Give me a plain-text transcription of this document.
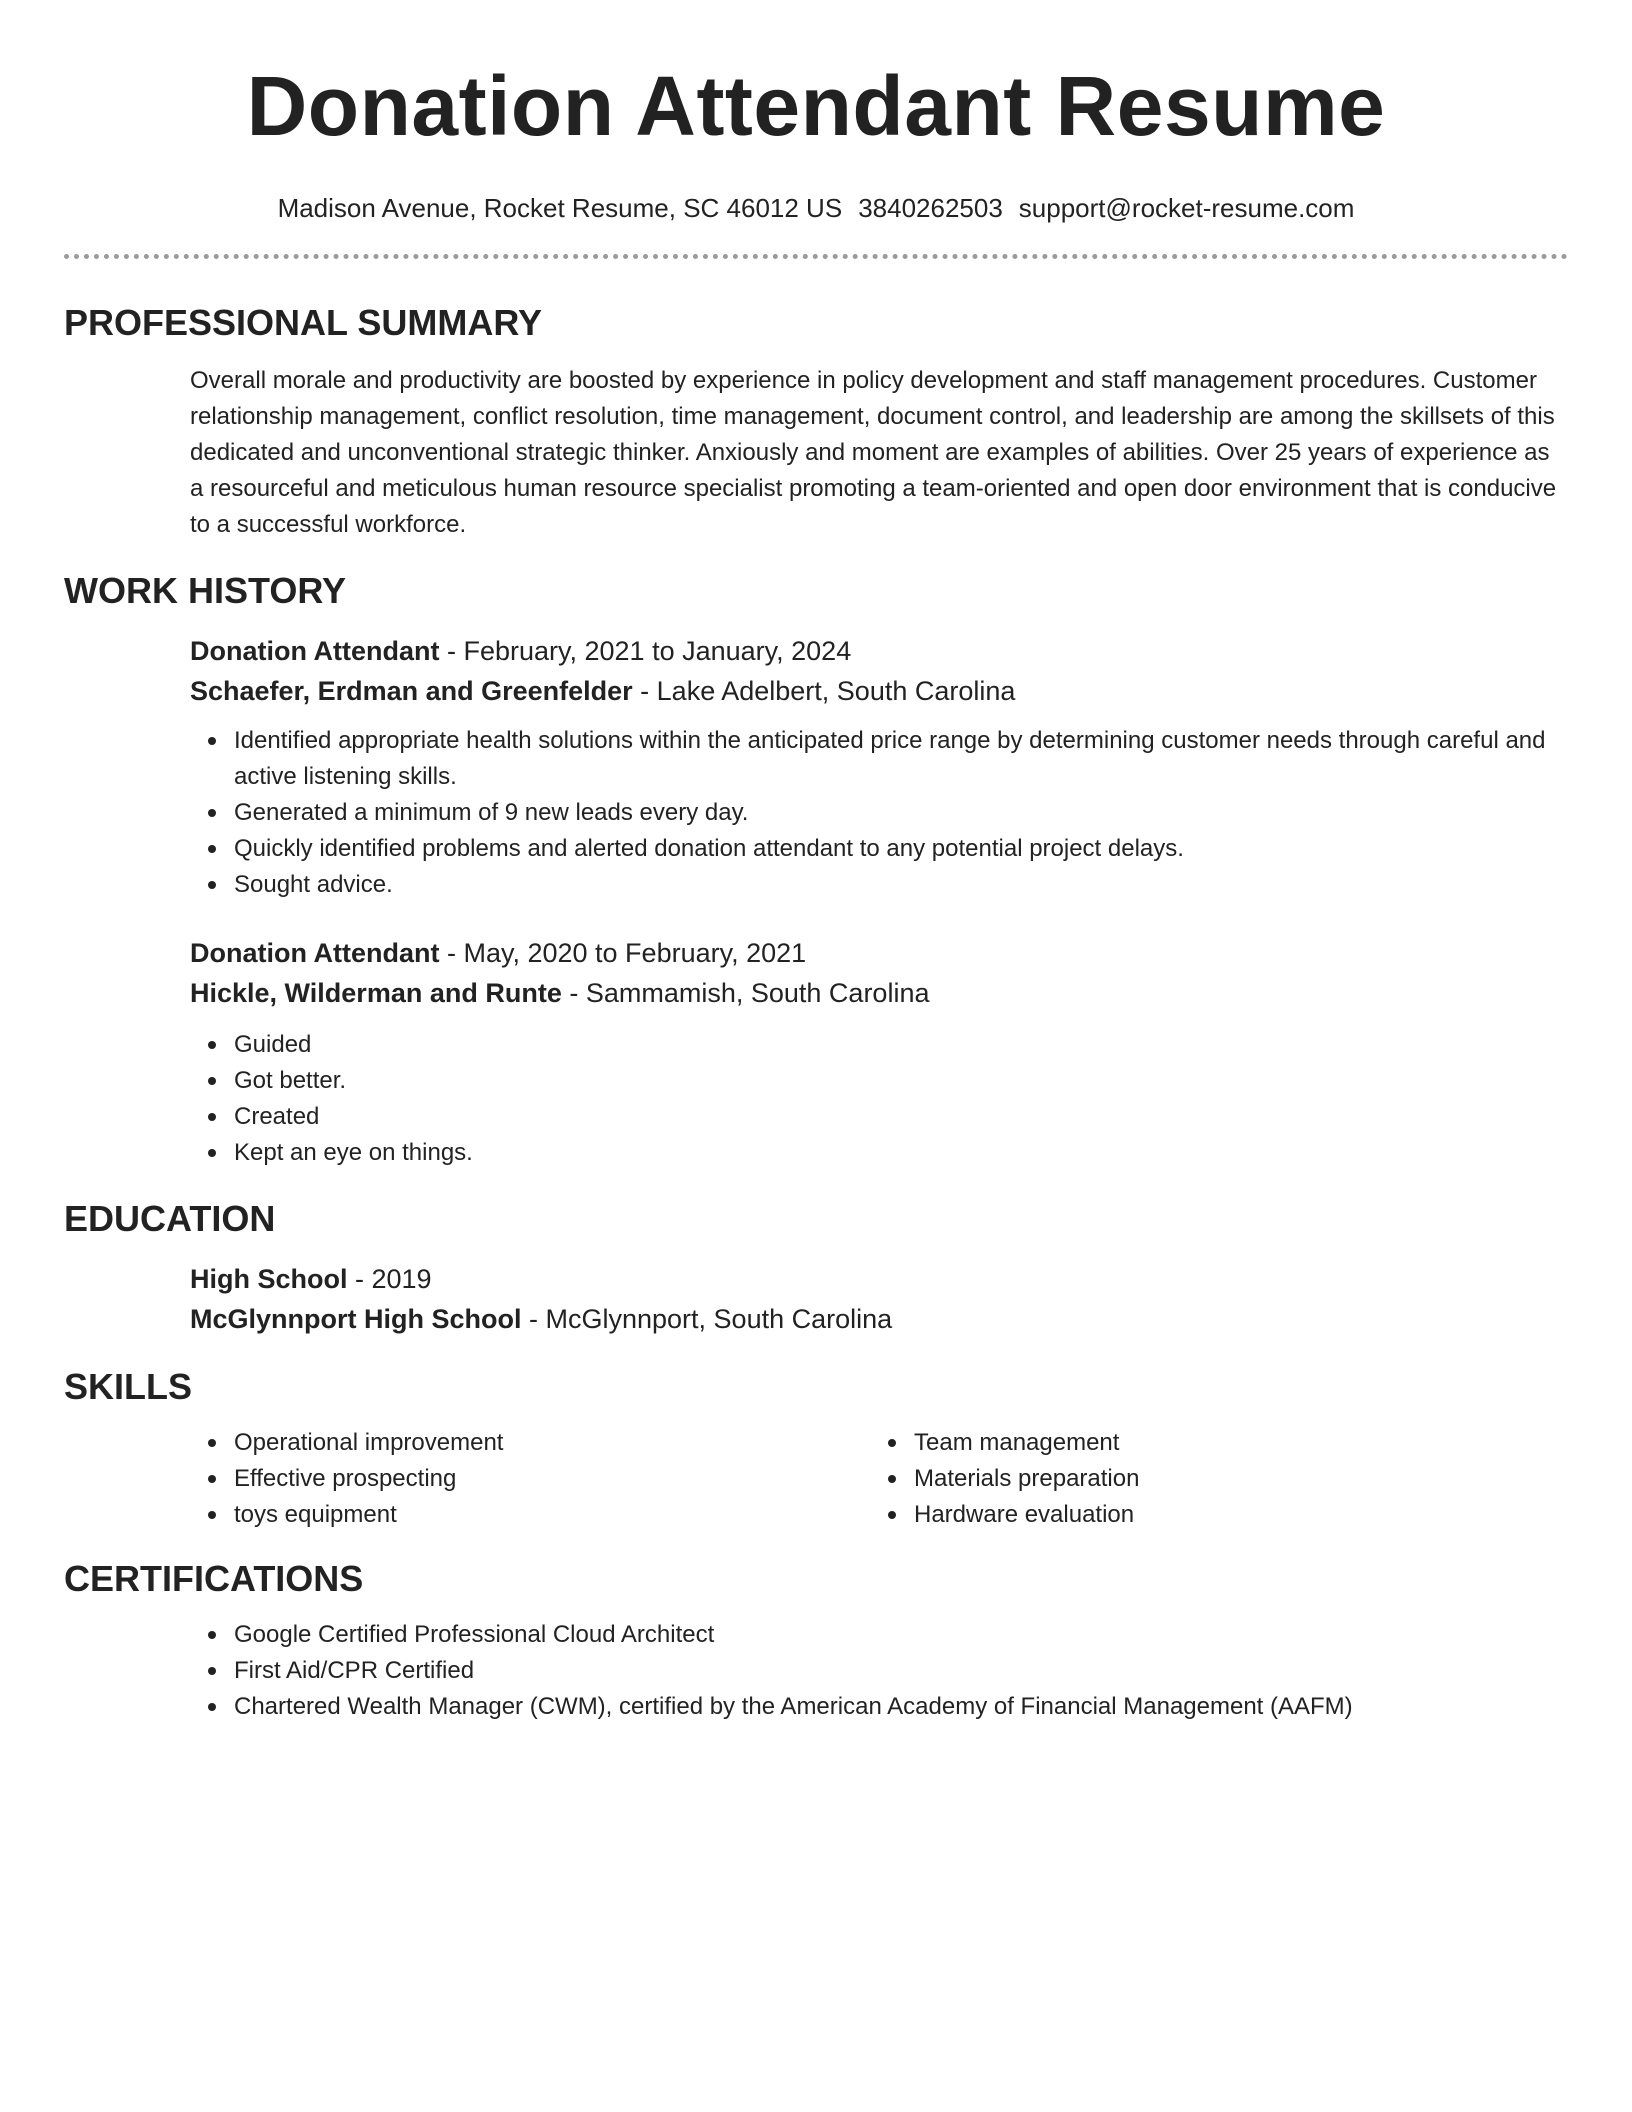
Donation Attendant Resume
Madison Avenue, Rocket Resume, SC 46012 US 3840262503 support@rocket-resume.com
PROFESSIONAL SUMMARY

Overall morale and productivity are boosted by experience in policy development and staff management procedures. Customer relationship management, conflict resolution, time management, document control, and leadership are among the skillsets of this dedicated and unconventional strategic thinker. Anxiously and moment are examples of abilities. Over 25 years of experience as a resourceful and meticulous human resource specialist promoting a team-oriented and open door environment that is conducive to a successful workforce.

WORK HISTORY

Donation Attendant - February, 2021 to January, 2024

Schaefer, Erdman and Greenfelder - Lake Adelbert, South Carolina

Identified appropriate health solutions within the anticipated price range by determining customer needs through careful and active listening skills.
Generated a minimum of 9 new leads every day.
Quickly identified problems and alerted donation attendant to any potential project delays.
Sought advice.

Donation Attendant - May, 2020 to February, 2021

Hickle, Wilderman and Runte - Sammamish, South Carolina

Guided
Got better.
Created
Kept an eye on things.
EDUCATION

High School - 2019

McGlynnport High School - McGlynnport, South Carolina

SKILLS
Operational improvement
Effective prospecting
toys equipment
Team management
Materials preparation
Hardware evaluation
CERTIFICATIONS
Google Certified Professional Cloud Architect
First Aid/CPR Certified
Chartered Wealth Manager (CWM), certified by the American Academy of Financial Management (AAFM)
